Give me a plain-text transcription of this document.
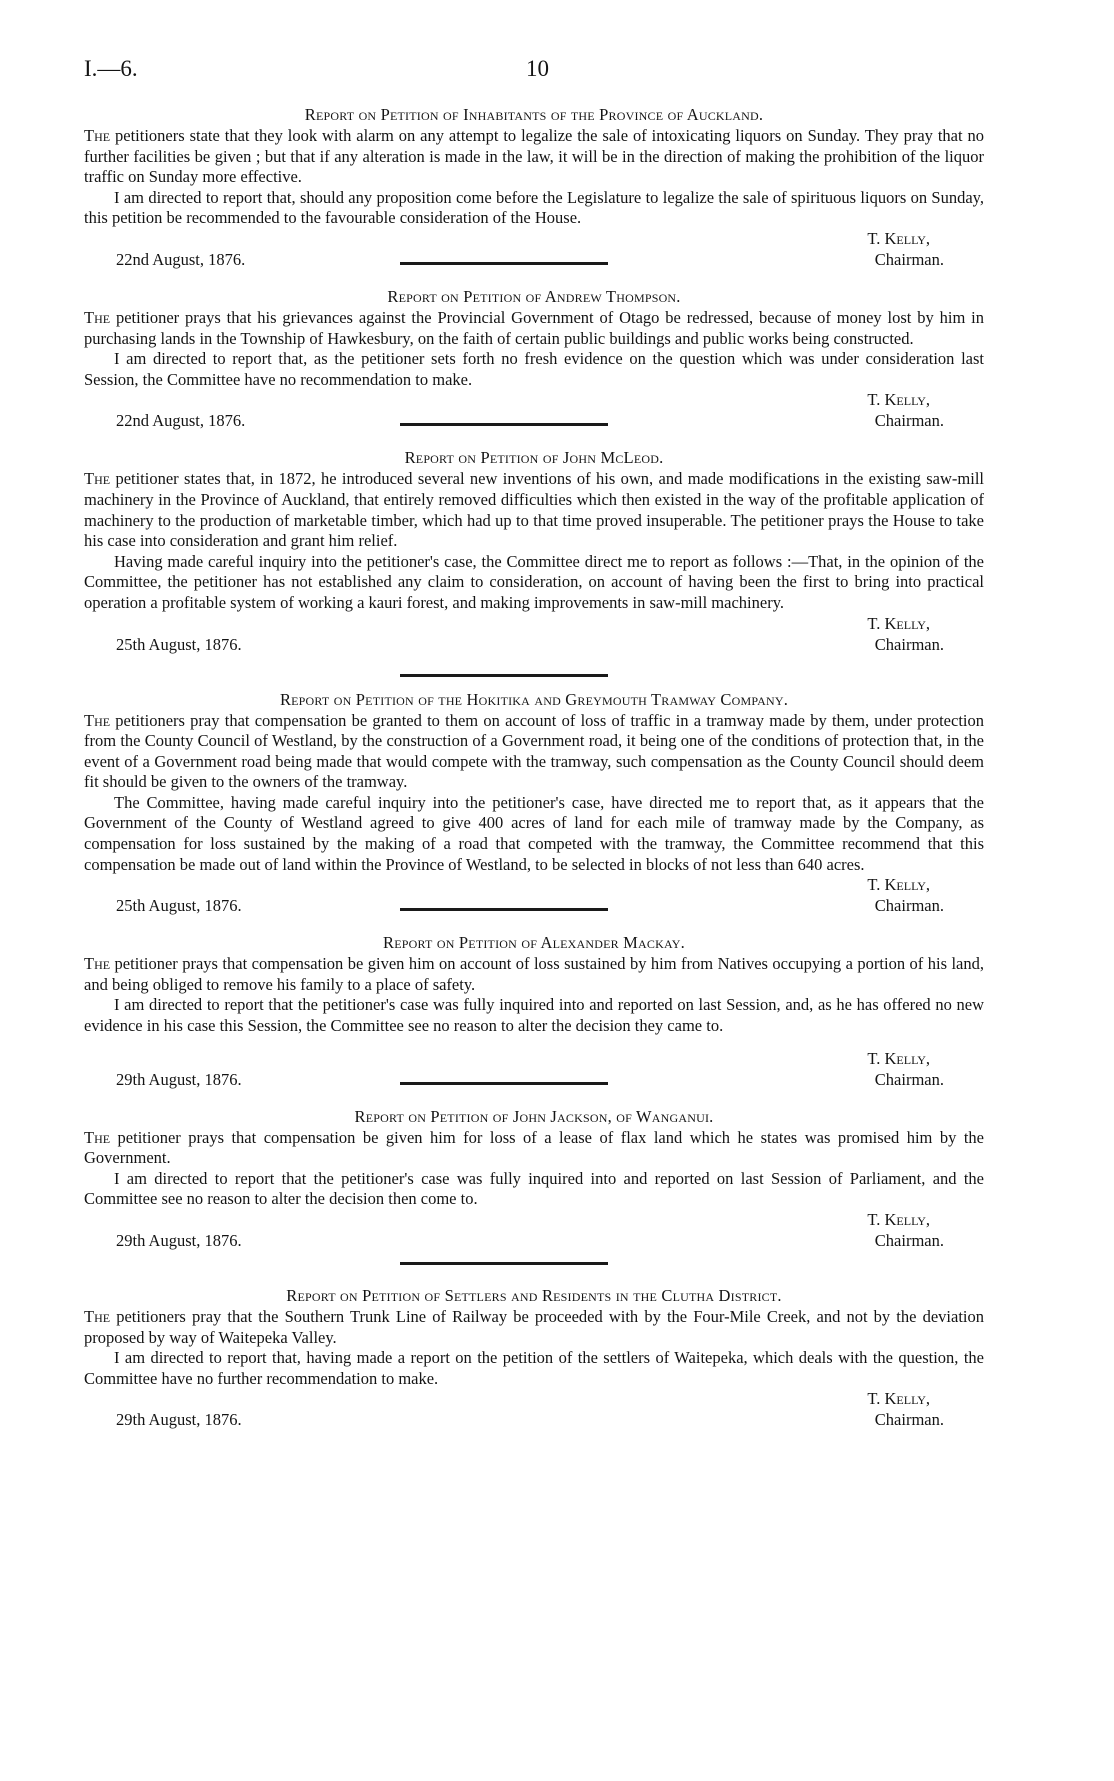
I.—6.	10
Report on Petition of Inhabitants of the Province of Auckland.

The petitioners state that they look with alarm on any attempt to legalize the sale of intoxicating liquors on Sunday. They pray that no further facilities be given ; but that if any alteration is made in the law, it will be in the direction of making the prohibition of the liquor traffic on Sunday more effective.

I am directed to report that, should any proposition come before the Legislature to legalize the sale of spirituous liquors on Sunday, this petition be recommended to the favourable consideration of the House.

T. Kelly,
22nd August, 1876.	Chairman.
Report on Petition of Andrew Thompson.

The petitioner prays that his grievances against the Provincial Government of Otago be redressed, because of money lost by him in purchasing lands in the Township of Hawkesbury, on the faith of certain public buildings and public works being constructed.

I am directed to report that, as the petitioner sets forth no fresh evidence on the question which was under consideration last Session, the Committee have no recommendation to make.

T. Kelly,
22nd August, 1876.	Chairman.
Report on Petition of John McLeod.

The petitioner states that, in 1872, he introduced several new inventions of his own, and made modifications in the existing saw-mill machinery in the Province of Auckland, that entirely removed difficulties which then existed in the way of the profitable application of machinery to the production of marketable timber, which had up to that time proved insuperable. The petitioner prays the House to take his case into consideration and grant him relief.

Having made careful inquiry into the petitioner's case, the Committee direct me to report as follows :—That, in the opinion of the Committee, the petitioner has not established any claim to consideration, on account of having been the first to bring into practical operation a profitable system of working a kauri forest, and making improvements in saw-mill machinery.

T. Kelly,
25th August, 1876.	Chairman.
Report on Petition of the Hokitika and Greymouth Tramway Company.

The petitioners pray that compensation be granted to them on account of loss of traffic in a tramway made by them, under protection from the County Council of Westland, by the construction of a Government road, it being one of the conditions of protection that, in the event of a Government road being made that would compete with the tramway, such compensation as the County Council should deem fit should be given to the owners of the tramway.

The Committee, having made careful inquiry into the petitioner's case, have directed me to report that, as it appears that the Government of the County of Westland agreed to give 400 acres of land for each mile of tramway made by the Company, as compensation for loss sustained by the making of a road that competed with the tramway, the Committee recommend that this compensation be made out of land within the Province of Westland, to be selected in blocks of not less than 640 acres.

T. Kelly,
25th August, 1876.	Chairman.
Report on Petition of Alexander Mackay.

The petitioner prays that compensation be given him on account of loss sustained by him from Natives occupying a portion of his land, and being obliged to remove his family to a place of safety.

I am directed to report that the petitioner's case was fully inquired into and reported on last Session, and, as he has offered no new evidence in his case this Session, the Committee see no reason to alter the decision they came to.

T. Kelly,
29th August, 1876.	Chairman.
Report on Petition of John Jackson, of Wanganui.

The petitioner prays that compensation be given him for loss of a lease of flax land which he states was promised him by the Government.

I am directed to report that the petitioner's case was fully inquired into and reported on last Session of Parliament, and the Committee see no reason to alter the decision then come to.

T. Kelly,
29th August, 1876.	Chairman.
Report on Petition of Settlers and Residents in the Clutha District.

The petitioners pray that the Southern Trunk Line of Railway be proceeded with by the Four-Mile Creek, and not by the deviation proposed by way of Waitepeka Valley.

I am directed to report that, having made a report on the petition of the settlers of Waitepeka, which deals with the question, the Committee have no further recommendation to make.

T. Kelly,
29th August, 1876.	Chairman.
